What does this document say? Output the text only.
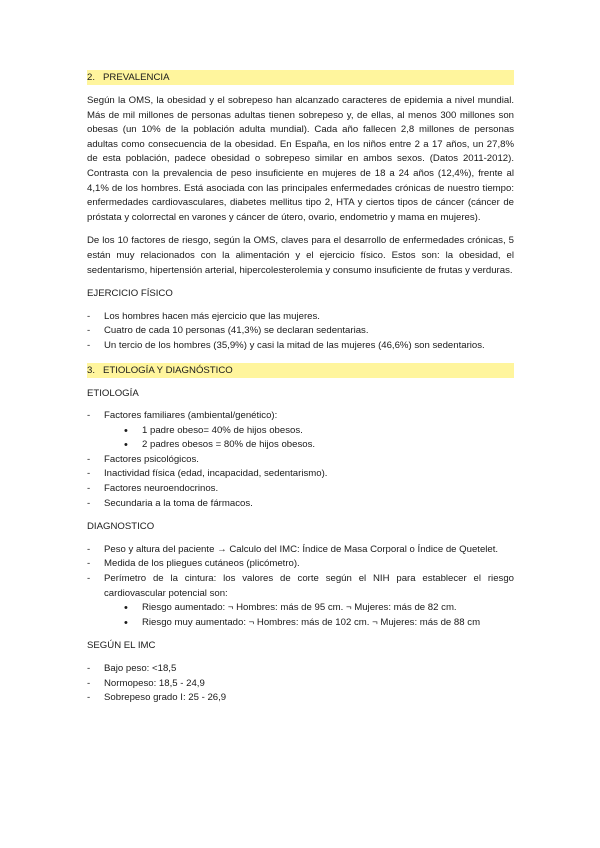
2. PREVALENCIA

Según la OMS, la obesidad y el sobrepeso han alcanzado caracteres de epidemia a nivel mundial. Más de mil millones de personas adultas tienen sobrepeso y, de ellas, al menos 300 millones son obesas (un 10% de la población adulta mundial). Cada año fallecen 2,8 millones de personas adultas como consecuencia de la obesidad. En España, en los niños entre 2 a 17 años, un 27,8% de esta población, padece obesidad o sobrepeso similar en ambos sexos. (Datos 2011-2012). Contrasta con la prevalencia de peso insuficiente en mujeres de 18 a 24 años (12,4%), frente al 4,1% de los hombres. Está asociada con las principales enfermedades crónicas de nuestro tiempo: enfermedades cardiovasculares, diabetes mellitus tipo 2, HTA y ciertos tipos de cáncer (cáncer de próstata y colorrectal en varones y cáncer de útero, ovario, endometrio y mama en mujeres).

De los 10 factores de riesgo, según la OMS, claves para el desarrollo de enfermedades crónicas, 5 están muy relacionados con la alimentación y el ejercicio físico. Estos son: la obesidad, el sedentarismo, hipertensión arterial, hipercolesterolemia y consumo insuficiente de frutas y verduras.

EJERCICIO FÍSICO
- Los hombres hacen más ejercicio que las mujeres.
- Cuatro de cada 10 personas (41,3%) se declaran sedentarias.
- Un tercio de los hombres (35,9%) y casi la mitad de las mujeres (46,6%) son sedentarios.
3. ETIOLOGÍA Y DIAGNÓSTICO
ETIOLOGÍA
- Factores familiares (ambiental/genético):
• 1 padre obeso= 40% de hijos obesos.
• 2 padres obesos = 80% de hijos obesos.
- Factores psicológicos.
- Inactividad física (edad, incapacidad, sedentarismo).
- Factores neuroendocrinos.
- Secundaria a la toma de fármacos.
DIAGNOSTICO
- Peso y altura del paciente → Calculo del IMC: Índice de Masa Corporal o Índice de Quetelet.
- Medida de los pliegues cutáneos (plicómetro).
- Perímetro de la cintura: los valores de corte según el NIH para establecer el riesgo cardiovascular potencial son:
• Riesgo aumentado: ¬ Hombres: más de 95 cm. ¬ Mujeres: más de 82 cm.
• Riesgo muy aumentado: ¬ Hombres: más de 102 cm. ¬ Mujeres: más de 88 cm
SEGÚN EL IMC
- Bajo peso: <18,5
- Normopeso: 18,5 - 24,9
- Sobrepeso grado I: 25 - 26,9
